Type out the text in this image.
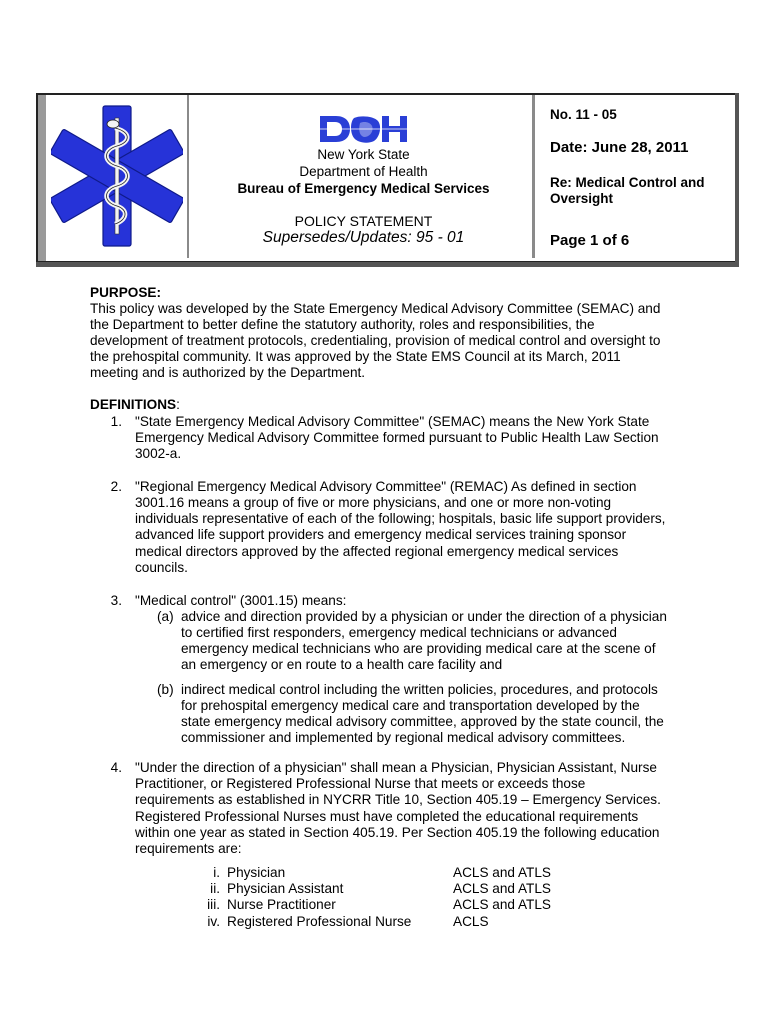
New York State
Department of Health
Bureau of Emergency Medical Services
POLICY STATEMENT
Supersedes/Updates: 95 - 01
No. 11 - 05
Date: June 28, 2011
Re: Medical Control and
Oversight
Page 1 of 6
PURPOSE:
This policy was developed by the State Emergency Medical Advisory Committee (SEMAC) and
the Department to better define the statutory authority, roles and responsibilities, the
development of treatment protocols, credentialing, provision of medical control and oversight to
the prehospital community. It was approved by the State EMS Council at its March, 2011
meeting and is authorized by the Department.
DEFINITIONS:
1. "State Emergency Medical Advisory Committee" (SEMAC) means the New York State
Emergency Medical Advisory Committee formed pursuant to Public Health Law Section
3002-a.
2. "Regional Emergency Medical Advisory Committee" (REMAC) As defined in section
3001.16 means a group of five or more physicians, and one or more non-voting
individuals representative of each of the following; hospitals, basic life support providers,
advanced life support providers and emergency medical services training sponsor
medical directors approved by the affected regional emergency medical services
councils.
3. "Medical control" (3001.15) means:
(a) advice and direction provided by a physician or under the direction of a physician
to certified first responders, emergency medical technicians or advanced
emergency medical technicians who are providing medical care at the scene of
an emergency or en route to a health care facility and
(b) indirect medical control including the written policies, procedures, and protocols
for prehospital emergency medical care and transportation developed by the
state emergency medical advisory committee, approved by the state council, the
commissioner and implemented by regional medical advisory committees.
4. "Under the direction of a physician" shall mean a Physician, Physician Assistant, Nurse
Practitioner, or Registered Professional Nurse that meets or exceeds those
requirements as established in NYCRR Title 10, Section 405.19 – Emergency Services.
Registered Professional Nurses must have completed the educational requirements
within one year as stated in Section 405.19. Per Section 405.19 the following education
requirements are:
i. Physician	ACLS and ATLS
ii. Physician Assistant	ACLS and ATLS
iii. Nurse Practitioner	ACLS and ATLS
iv. Registered Professional Nurse	ACLS
